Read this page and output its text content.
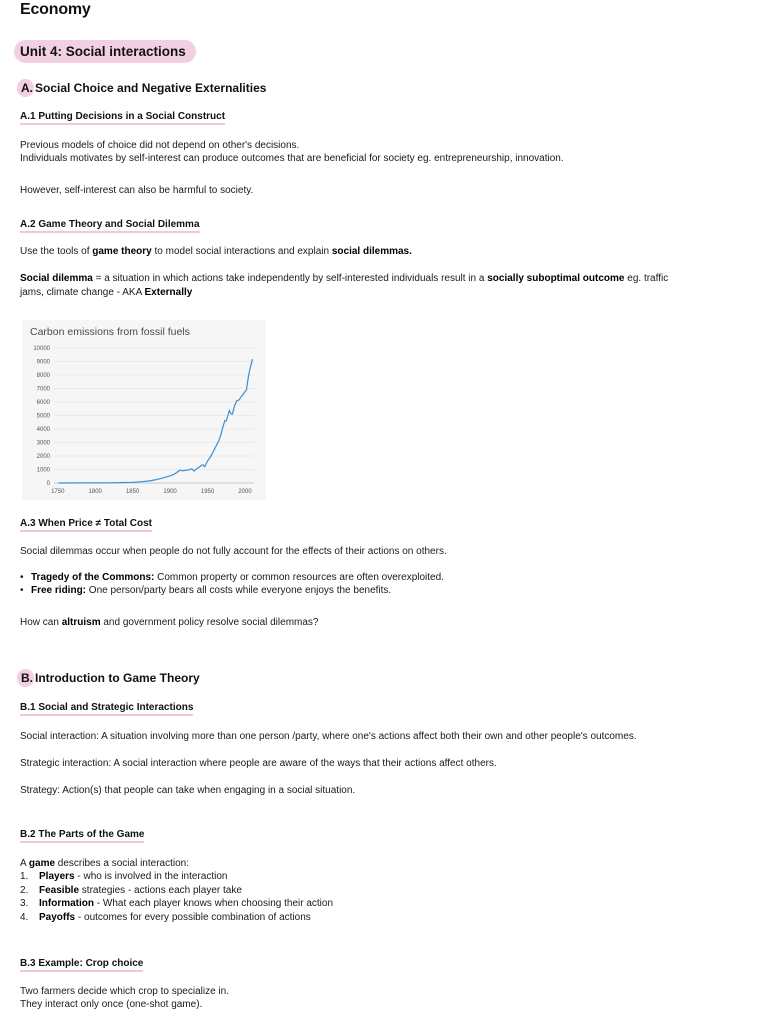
Economy
Unit 4: Social interactions
A. Social Choice and Negative Externalities
A.1 Putting Decisions in a Social Construct
Previous models of choice did not depend on other's decisions.
Individuals motivates by self-interest can produce outcomes that are beneficial for society eg. entrepreneurship, innovation.
However, self-interest can also be harmful to society.
A.2 Game Theory and Social Dilemma
Use the tools of game theory to model social interactions and explain social dilemmas.
Social dilemma = a situation in which actions take independently by self-interested individuals result in a socially suboptimal outcome eg. traffic
jams, climate change - AKA Externally
Carbon emissions from fossil fuels
0
1000
2000
3000
4000
5000
6000
7000
8000
9000
10000
1750	1800	1850	1900	1950	2000
A.3 When Price ≠ Total Cost
Social dilemmas occur when people do not fully account for the effects of their actions on others.
• Tragedy of the Commons: Common property or common resources are often overexploited.
• Free riding: One person/party bears all costs while everyone enjoys the benefits.
How can altruism and government policy resolve social dilemmas?
B. Introduction to Game Theory
B.1 Social and Strategic Interactions
Social interaction: A situation involving more than one person /party, where one's actions affect both their own and other people's outcomes.
Strategic interaction: A social interaction where people are aware of the ways that their actions affect others.
Strategy: Action(s) that people can take when engaging in a social situation.
B.2 The Parts of the Game
A game describes a social interaction:
1. Players - who is involved in the interaction
2. Feasible strategies - actions each player take
3. Information - What each player knows when choosing their action
4. Payoffs - outcomes for every possible combination of actions
B.3 Example: Crop choice
Two farmers decide which crop to specialize in.
They interact only once (one-shot game).
